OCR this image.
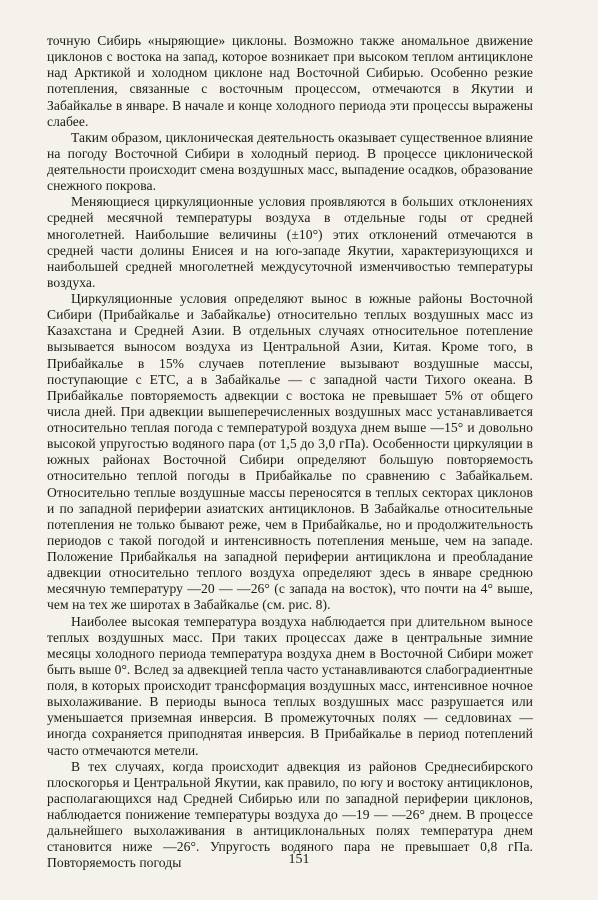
точную Сибирь «ныряющие» циклоны. Возможно также аномальное движение циклонов с востока на запад, которое возникает при высоком теплом антициклоне над Арктикой и холодном циклоне над Восточной Сибирью. Особенно резкие потепления, связанные с восточным процессом, отмечаются в Якутии и Забайкалье в январе. В начале и конце холодного периода эти процессы выражены слабее.

Таким образом, циклоническая деятельность оказывает существенное влияние на погоду Восточной Сибири в холодный период. В процессе циклонической деятельности происходит смена воздушных масс, выпадение осадков, образование снежного покрова.

Меняющиеся циркуляционные условия проявляются в больших отклонениях средней месячной температуры воздуха в отдельные годы от средней многолетней. Наибольшие величины (±10°) этих отклонений отмечаются в средней части долины Енисея и на юго-западе Якутии, характеризующихся и наибольшей средней многолетней междусуточной изменчивостью температуры воздуха.

Циркуляционные условия определяют вынос в южные районы Восточной Сибири (Прибайкалье и Забайкалье) относительно теплых воздушных масс из Казахстана и Средней Азии. В отдельных случаях относительное потепление вызывается выносом воздуха из Центральной Азии, Китая. Кроме того, в Прибайкалье в 15% случаев потепление вызывают воздушные массы, поступающие с ЕТС, а в Забайкалье — с западной части Тихого океана. В Прибайкалье повторяемость адвекции с востока не превышает 5% от общего числа дней. При адвекции вышеперечисленных воздушных масс устанавливается относительно теплая погода с температурой воздуха днем выше —15° и довольно высокой упругостью водяного пара (от 1,5 до 3,0 гПа). Особенности циркуляции в южных районах Восточной Сибири определяют большую повторяемость относительно теплой погоды в Прибайкалье по сравнению с Забайкальем. Относительно теплые воздушные массы переносятся в теплых секторах циклонов и по западной периферии азиатских антициклонов. В Забайкалье относительные потепления не только бывают реже, чем в Прибайкалье, но и продолжительность периодов с такой погодой и интенсивность потепления меньше, чем на западе. Положение Прибайкалья на западной периферии антициклона и преобладание адвекции относительно теплого воздуха определяют здесь в январе среднюю месячную температуру —20 — —26° (с запада на восток), что почти на 4° выше, чем на тех же широтах в Забайкалье (см. рис. 8).

Наиболее высокая температура воздуха наблюдается при длительном выносе теплых воздушных масс. При таких процессах даже в центральные зимние месяцы холодного периода температура воздуха днем в Восточной Сибири может быть выше 0°. Вслед за адвекцией тепла часто устанавливаются слабоградиентные поля, в которых происходит трансформация воздушных масс, интенсивное ночное выхолаживание. В периоды выноса теплых воздушных масс разрушается или уменьшается приземная инверсия. В промежуточных полях — седловинах — иногда сохраняется приподнятая инверсия. В Прибайкалье в период потеплений часто отмечаются метели.

В тех случаях, когда происходит адвекция из районов Среднесибирского плоскогорья и Центральной Якутии, как правило, по югу и востоку антициклонов, располагающихся над Средней Сибирью или по западной периферии циклонов, наблюдается понижение температуры воздуха до —19 — —26° днем. В процессе дальнейшего выхолаживания в антициклональных полях температура днем становится ниже —26°. Упругость водяного пара не превышает 0,8 гПа. Повторяемость погоды	151
